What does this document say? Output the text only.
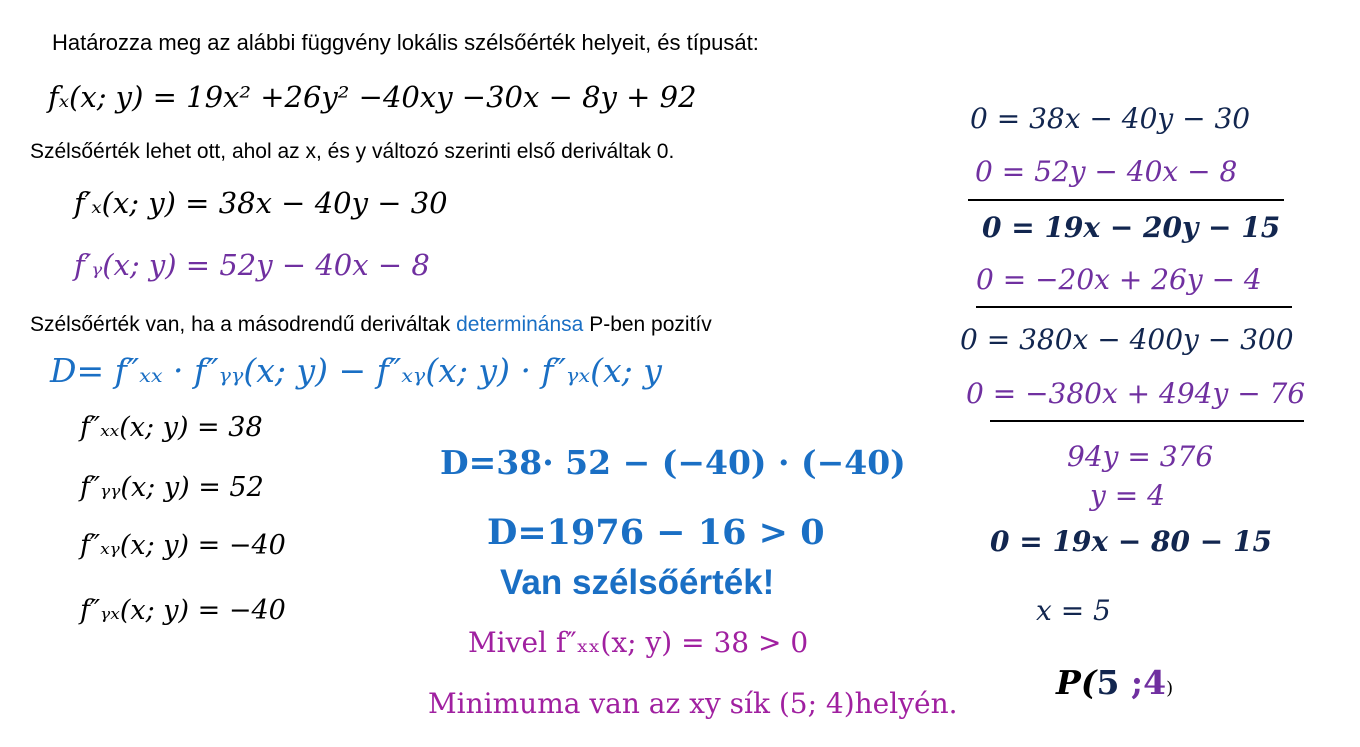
Határozza meg az alábbi függvény lokális szélsőérték helyeit, és típusát:
fₓ(x; y) = 19x² +26y² −40xy −30x − 8y + 92
Szélsőérték lehet ott, ahol az x, és y változó szerinti első deriváltak 0.
f′ₓ(x; y) = 38x − 40y − 30
f′ᵧ(x; y) = 52y − 40x − 8
Szélsőérték van, ha a másodrendű deriváltak determinánsa P-ben pozitív
D= f″ₓₓ · f″ᵧᵧ(x; y) − f″ₓᵧ(x; y) · f″ᵧₓ(x; y
f″ₓₓ(x; y) = 38
f″ᵧᵧ(x; y) = 52
f″ₓᵧ(x; y) = −40
f″ᵧₓ(x; y) = −40
D=38· 52 − (−40) · (−40)
D=1976 − 16 > 0
Van szélsőérték!
Mivel f″ₓₓ(x; y) = 38 > 0
Minimuma van az xy sík (5; 4)helyén.
0 = 38x − 40y − 30
0 = 52y − 40x − 8
0 = 19x − 20y − 15
0 = −20x + 26y − 4
0 = 380x − 400y − 300
0 = −380x + 494y − 76
94y = 376
y = 4
0 = 19x − 80 − 15
x = 5
P(5 ;4)
